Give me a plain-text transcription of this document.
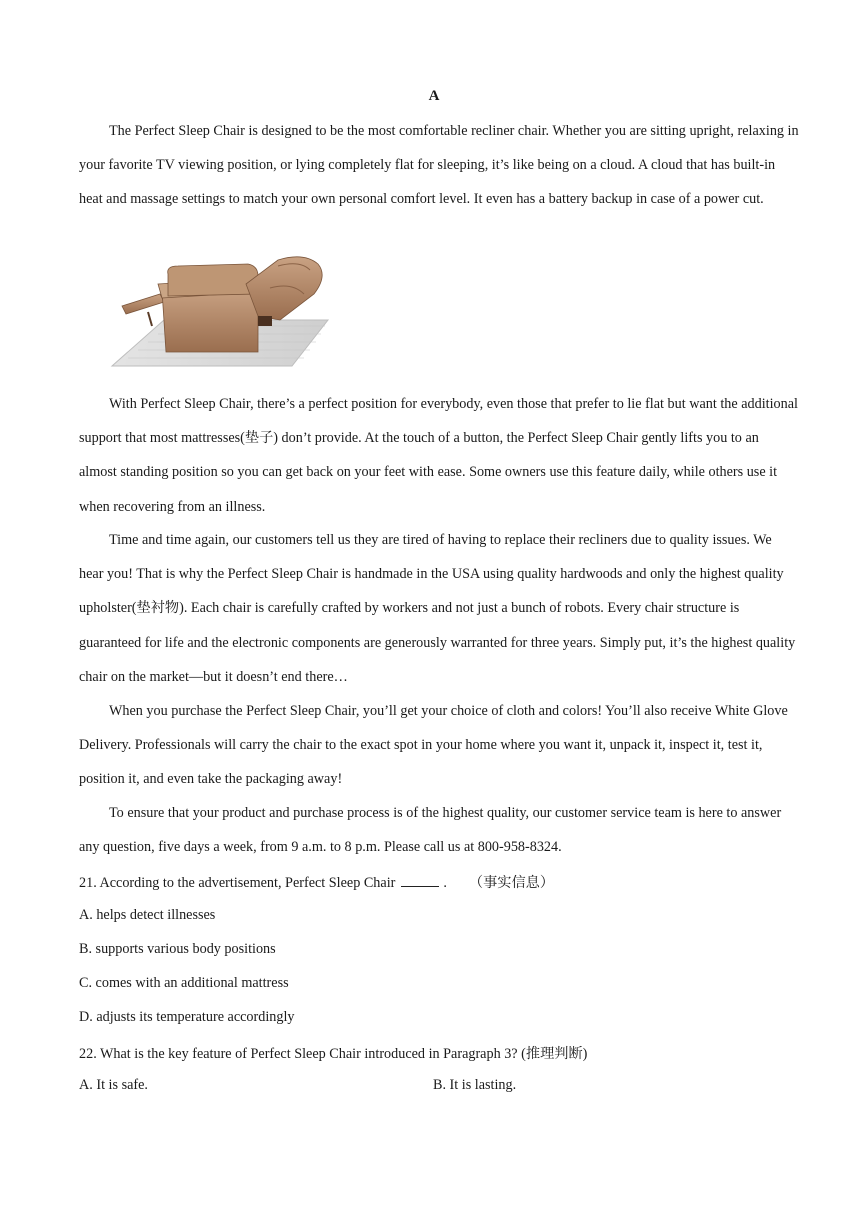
A

The Perfect Sleep Chair is designed to be the most comfortable recliner chair. Whether you are sitting upright, relaxing in your favorite TV viewing position, or lying completely flat for sleeping, it’s like being on a cloud. A cloud that has built-in heat and massage settings to match your own personal comfort level. It even has a battery backup in case of a power cut.

With Perfect Sleep Chair, there’s a perfect position for everybody, even those that prefer to lie flat but want the additional support that most mattresses(垫子) don’t provide. At the touch of a button, the Perfect Sleep Chair gently lifts you to an almost standing position so you can get back on your feet with ease. Some owners use this feature daily, while others use it when recovering from an illness.

Time and time again, our customers tell us they are tired of having to replace their recliners due to quality issues. We hear you! That is why the Perfect Sleep Chair is handmade in the USA using quality hardwoods and only the highest quality upholster(垫衬物). Each chair is carefully crafted by workers and not just a bunch of robots. Every chair structure is guaranteed for life and the electronic components are generously warranted for three years. Simply put, it’s the highest quality chair on the market—but it doesn’t end there…

When you purchase the Perfect Sleep Chair, you’ll get your choice of cloth and colors! You’ll also receive White Glove Delivery. Professionals will carry the chair to the exact spot in your home where you want it, unpack it, inspect it, test it, position it, and even take the packaging away!

To ensure that your product and purchase process is of the highest quality, our customer service team is here to answer any question, five days a week, from 9 a.m. to 8 p.m. Please call us at 800-958-8324.

21. According to the advertisement, Perfect Sleep Chair	. （事实信息）
A. helps detect illnesses
B. supports various body positions
C. comes with an additional mattress
D. adjusts its temperature accordingly
22. What is the key feature of Perfect Sleep Chair introduced in Paragraph 3? (推理判断)
A. It is safe.	B. It is lasting.
